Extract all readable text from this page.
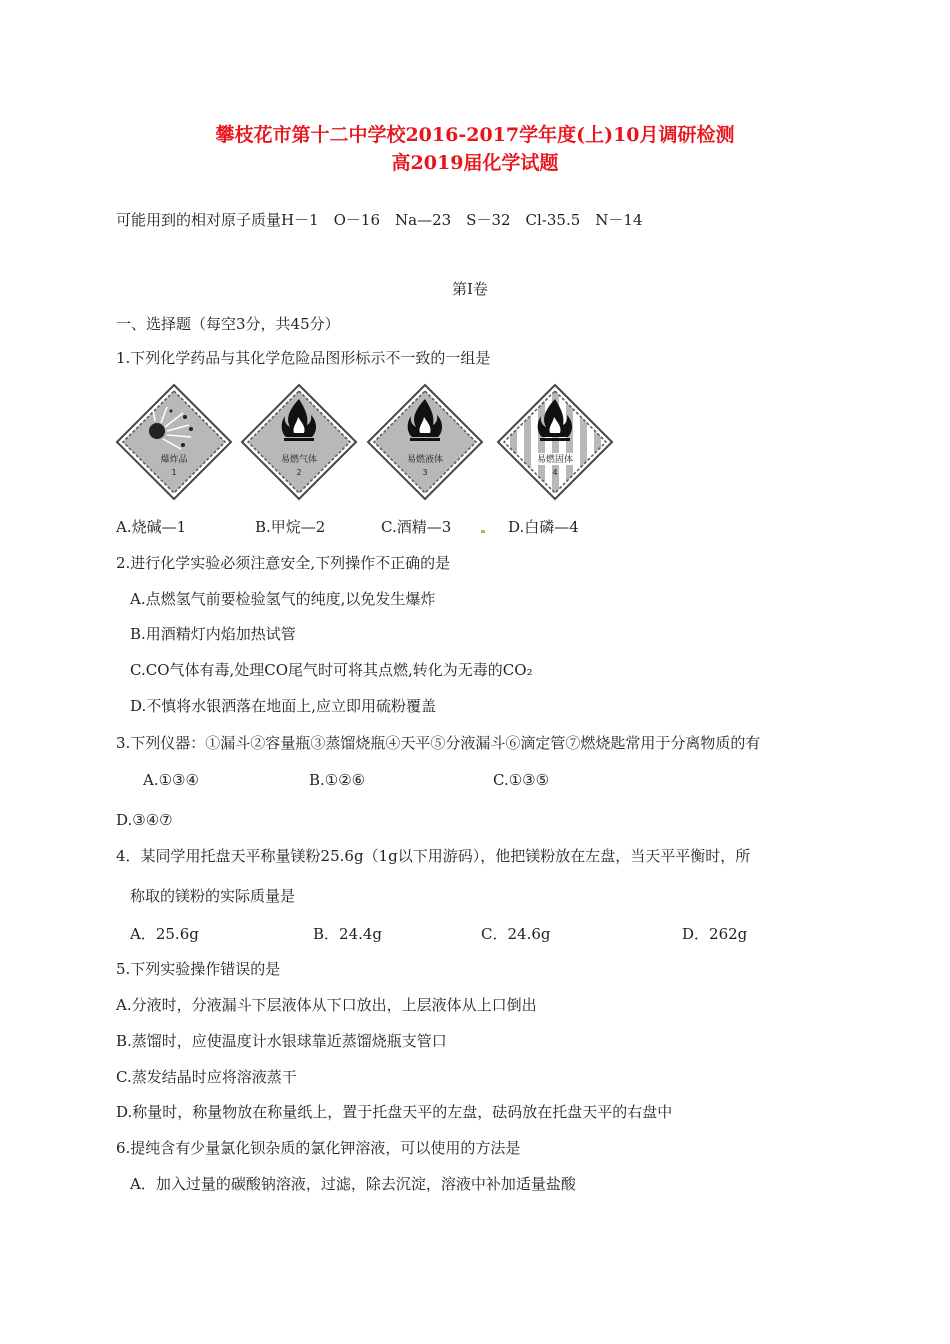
攀枝花市第十二中学校2016-2017学年度(上)10月调研检测
高2019届化学试题
可能用到的相对原子质量H－1　O－16　Na—23　S－32　Cl-35.5　N－14
第Ⅰ卷
一、选择题（每空3分，共45分）
1.下列化学药品与其化学危险品图形标示不一致的一组是
爆炸品
1
易燃气体
2
易燃液体
3
易燃固体
4
A.烧碱—1	B.甲烷—2	C.酒精—3	D.白磷—4
2.进行化学实验必须注意安全,下列操作不正确的是
A.点燃氢气前要检验氢气的纯度,以免发生爆炸
B.用酒精灯内焰加热试管
C.CO气体有毒,处理CO尾气时可将其点燃,转化为无毒的CO₂
D.不慎将水银洒落在地面上,应立即用硫粉覆盖
3.下列仪器：①漏斗②容量瓶③蒸馏烧瓶④天平⑤分液漏斗⑥滴定管⑦燃烧匙常用于分离物质的有
A.①③④	B.①②⑥	C.①③⑤
D.③④⑦
4．某同学用托盘天平称量镁粉25.6g（1g以下用游码），他把镁粉放在左盘，当天平平衡时，所
称取的镁粉的实际质量是
A．25.6g	B．24.4g	C．24.6g	D．262g
5.下列实验操作错误的是
A.分液时，分液漏斗下层液体从下口放出，上层液体从上口倒出
B.蒸馏时，应使温度计水银球靠近蒸馏烧瓶支管口
C.蒸发结晶时应将溶液蒸干
D.称量时，称量物放在称量纸上，置于托盘天平的左盘，砝码放在托盘天平的右盘中
6.提纯含有少量氯化钡杂质的氯化钾溶液，可以使用的方法是
A．加入过量的碳酸钠溶液，过滤，除去沉淀，溶液中补加适量盐酸
